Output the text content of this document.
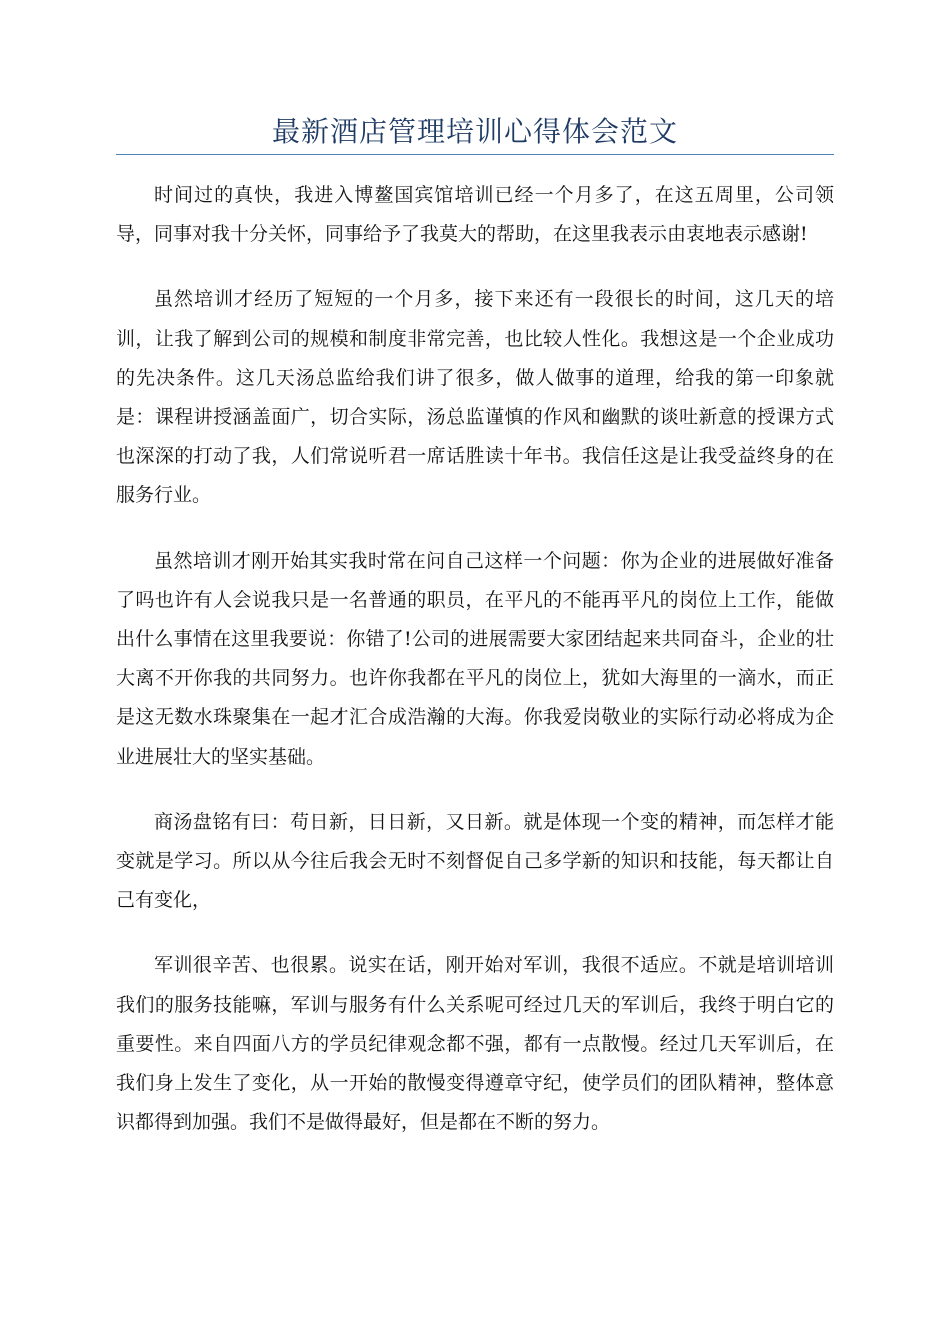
最新酒店管理培训心得体会范文

时间过的真快，我进入博鳌国宾馆培训已经一个月多了，在这五周里，公司领导，同事对我十分关怀，同事给予了我莫大的帮助，在这里我表示由衷地表示感谢!

虽然培训才经历了短短的一个月多，接下来还有一段很长的时间，这几天的培训，让我了解到公司的规模和制度非常完善，也比较人性化。我想这是一个企业成功的先决条件。这几天汤总监给我们讲了很多，做人做事的道理，给我的第一印象就是：课程讲授涵盖面广，切合实际，汤总监谨慎的作风和幽默的谈吐新意的授课方式也深深的打动了我，人们常说听君一席话胜读十年书。我信任这是让我受益终身的在服务行业。

虽然培训才刚开始其实我时常在问自己这样一个问题：你为企业的进展做好准备了吗也许有人会说我只是一名普通的职员，在平凡的不能再平凡的岗位上工作，能做出什么事情在这里我要说：你错了!公司的进展需要大家团结起来共同奋斗，企业的壮大离不开你我的共同努力。也许你我都在平凡的岗位上，犹如大海里的一滴水，而正是这无数水珠聚集在一起才汇合成浩瀚的大海。你我爱岗敬业的实际行动必将成为企业进展壮大的坚实基础。

商汤盘铭有曰：苟日新，日日新，又日新。就是体现一个变的精神，而怎样才能变就是学习。所以从今往后我会无时不刻督促自己多学新的知识和技能，每天都让自己有变化，

军训很辛苦、也很累。说实在话，刚开始对军训，我很不适应。不就是培训培训我们的服务技能嘛，军训与服务有什么关系呢可经过几天的军训后，我终于明白它的重要性。来自四面八方的学员纪律观念都不强，都有一点散慢。经过几天军训后，在我们身上发生了变化，从一开始的散慢变得遵章守纪，使学员们的团队精神，整体意识都得到加强。我们不是做得最好，但是都在不断的努力。
